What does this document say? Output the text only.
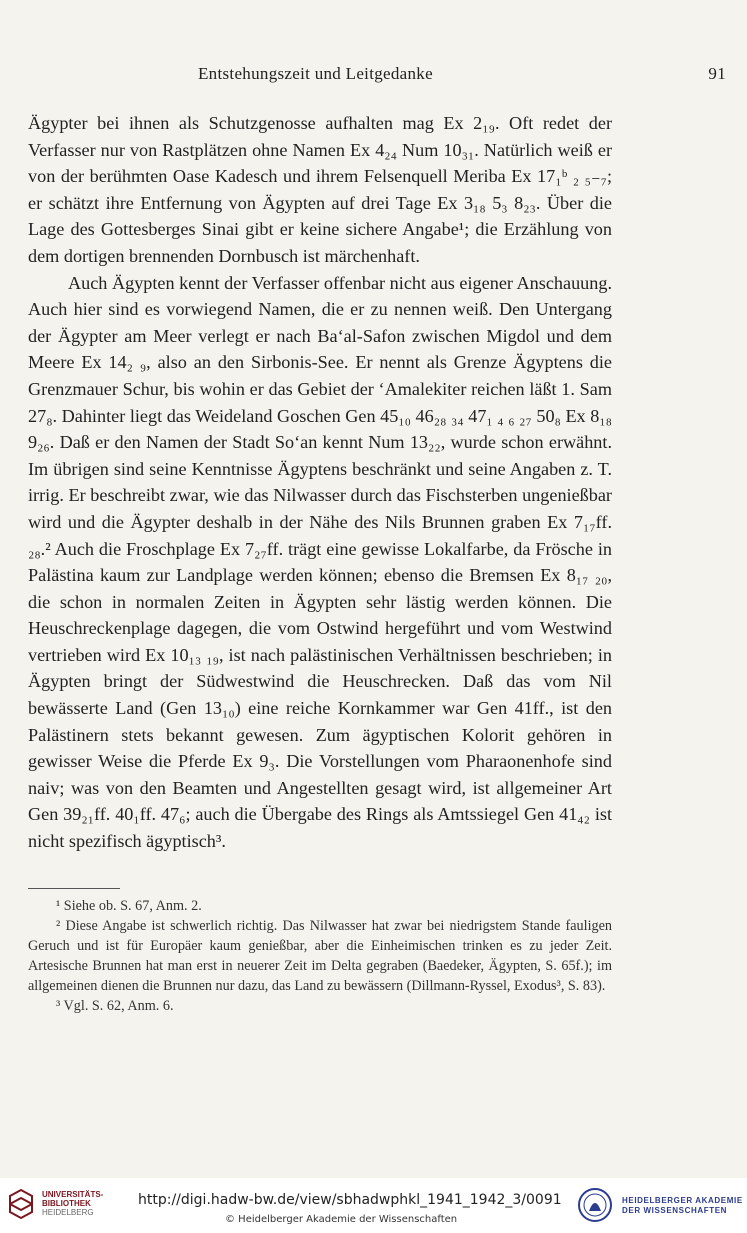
Entstehungszeit und Leitgedanke	91

Ägypter bei ihnen als Schutzgenosse aufhalten mag Ex 2₁₉. Oft redet der Verfasser nur von Rastplätzen ohne Namen Ex 4₂₄ Num 10₃₁. Natürlich weiß er von der berühmten Oase Kadesch und ihrem Felsenquell Meriba Ex 17₁ᵇ ₂ ₅₋₇; er schätzt ihre Entfernung von Ägypten auf drei Tage Ex 3₁₈ 5₃ 8₂₃. Über die Lage des Gottesberges Sinai gibt er keine sichere Angabe¹; die Erzählung von dem dortigen brennenden Dornbusch ist märchenhaft.

Auch Ägypten kennt der Verfasser offenbar nicht aus eigener Anschauung. Auch hier sind es vorwiegend Namen, die er zu nennen weiß. Den Untergang der Ägypter am Meer verlegt er nach Ba‘al-Safon zwischen Migdol und dem Meere Ex 14₂ ₉, also an den Sirbonis-See. Er nennt als Grenze Ägyptens die Grenzmauer Schur, bis wohin er das Gebiet der ‘Amalekiter reichen läßt 1. Sam 27₈. Dahinter liegt das Weideland Goschen Gen 45₁₀ 46₂₈ ₃₄ 47₁ ₄ ₆ ₂₇ 50₈ Ex 8₁₈ 9₂₆. Daß er den Namen der Stadt So‘an kennt Num 13₂₂, wurde schon erwähnt. Im übrigen sind seine Kenntnisse Ägyptens beschränkt und seine Angaben z. T. irrig. Er beschreibt zwar, wie das Nilwasser durch das Fischsterben ungenießbar wird und die Ägypter deshalb in der Nähe des Nils Brunnen graben Ex 7₁₇ff. ₂₈.² Auch die Froschplage Ex 7₂₇ff. trägt eine gewisse Lokalfarbe, da Frösche in Palästina kaum zur Landplage werden können; ebenso die Bremsen Ex 8₁₇ ₂₀, die schon in normalen Zeiten in Ägypten sehr lästig werden können. Die Heuschreckenplage dagegen, die vom Ostwind hergeführt und vom Westwind vertrieben wird Ex 10₁₃ ₁₉, ist nach palästinischen Verhältnissen beschrieben; in Ägypten bringt der Südwestwind die Heuschrecken. Daß das vom Nil bewässerte Land (Gen 13₁₀) eine reiche Kornkammer war Gen 41ff., ist den Palästinern stets bekannt gewesen. Zum ägyptischen Kolorit gehören in gewisser Weise die Pferde Ex 9₃. Die Vorstellungen vom Pharaonenhofe sind naiv; was von den Beamten und Angestellten gesagt wird, ist allgemeiner Art Gen 39₂₁ff. 40₁ff. 47₆; auch die Übergabe des Rings als Amtssiegel Gen 41₄₂ ist nicht spezifisch ägyptisch³.

¹ Siehe ob. S. 67, Anm. 2.

² Diese Angabe ist schwerlich richtig. Das Nilwasser hat zwar bei niedrigstem Stande fauligen Geruch und ist für Europäer kaum genießbar, aber die Einheimischen trinken es zu jeder Zeit. Artesische Brunnen hat man erst in neuerer Zeit im Delta gegraben (Baedeker, Ägypten, S. 65f.); im allgemeinen dienen die Brunnen nur dazu, das Land zu bewässern (Dillmann-Ryssel, Exodus³, S. 83).

³ Vgl. S. 62, Anm. 6.

UNIVERSITÄTS-
BIBLIOTHEK
HEIDELBERG
http://digi.hadw-bw.de/view/sbhadwphkl_1941_1942_3/0091
© Heidelberger Akademie der Wissenschaften
HEIDELBERGER AKADEMIE
DER WISSENSCHAFTEN
